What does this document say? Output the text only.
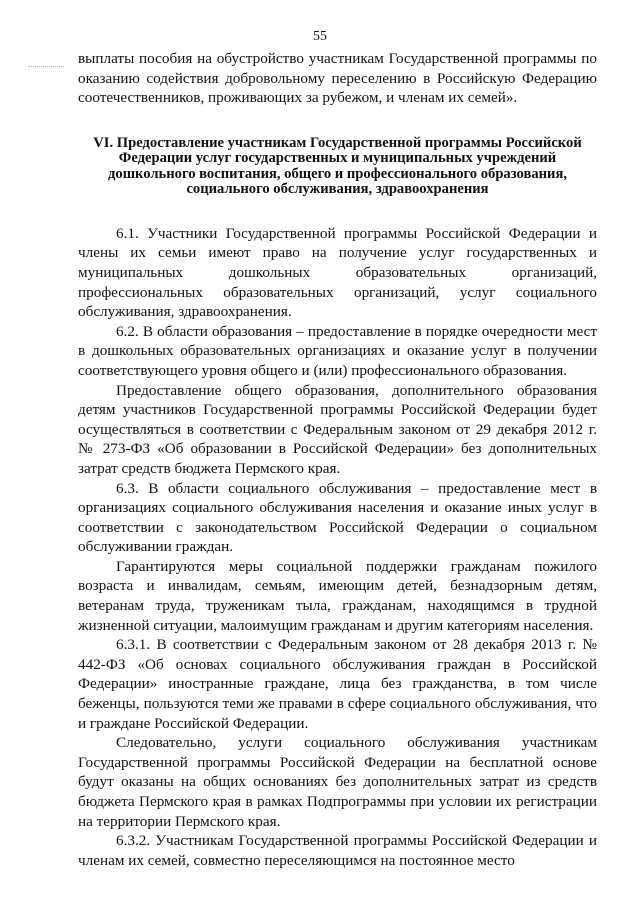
55

выплаты пособия на обустройство участникам Государственной программы по оказанию содействия добровольному переселению в Российскую Федерацию соотечественников, проживающих за рубежом, и членам их семей».

VI. Предоставление участникам Государственной программы Российской Федерации услуг государственных и муниципальных учреждений дошкольного воспитания, общего и профессионального образования, социального обслуживания, здравоохранения

6.1. Участники Государственной программы Российской Федерации и члены их семьи имеют право на получение услуг государственных и муниципальных дошкольных образовательных организаций, профессиональных образовательных организаций, услуг социального обслуживания, здравоохранения.

6.2. В области образования – предоставление в порядке очередности мест в дошкольных образовательных организациях и оказание услуг в получении соответствующего уровня общего и (или) профессионального образования.

Предоставление общего образования, дополнительного образования детям участников Государственной программы Российской Федерации будет осуществляться в соответствии с Федеральным законом от 29 декабря 2012 г. № 273-ФЗ «Об образовании в Российской Федерации» без дополнительных затрат средств бюджета Пермского края.

6.3. В области социального обслуживания – предоставление мест в организациях социального обслуживания населения и оказание иных услуг в соответствии с законодательством Российской Федерации о социальном обслуживании граждан.

Гарантируются меры социальной поддержки гражданам пожилого возраста и инвалидам, семьям, имеющим детей, безнадзорным детям, ветеранам труда, труженикам тыла, гражданам, находящимся в трудной жизненной ситуации, малоимущим гражданам и другим категориям населения.

6.3.1. В соответствии с Федеральным законом от 28 декабря 2013 г. № 442-ФЗ «Об основах социального обслуживания граждан в Российской Федерации» иностранные граждане, лица без гражданства, в том числе беженцы, пользуются теми же правами в сфере социального обслуживания, что и граждане Российской Федерации.

Следовательно, услуги социального обслуживания участникам Государственной программы Российской Федерации на бесплатной основе будут оказаны на общих основаниях без дополнительных затрат из средств бюджета Пермского края в рамках Подпрограммы при условии их регистрации на территории Пермского края.

6.3.2. Участникам Государственной программы Российской Федерации и членам их семей, совместно переселяющимся на постоянное место
